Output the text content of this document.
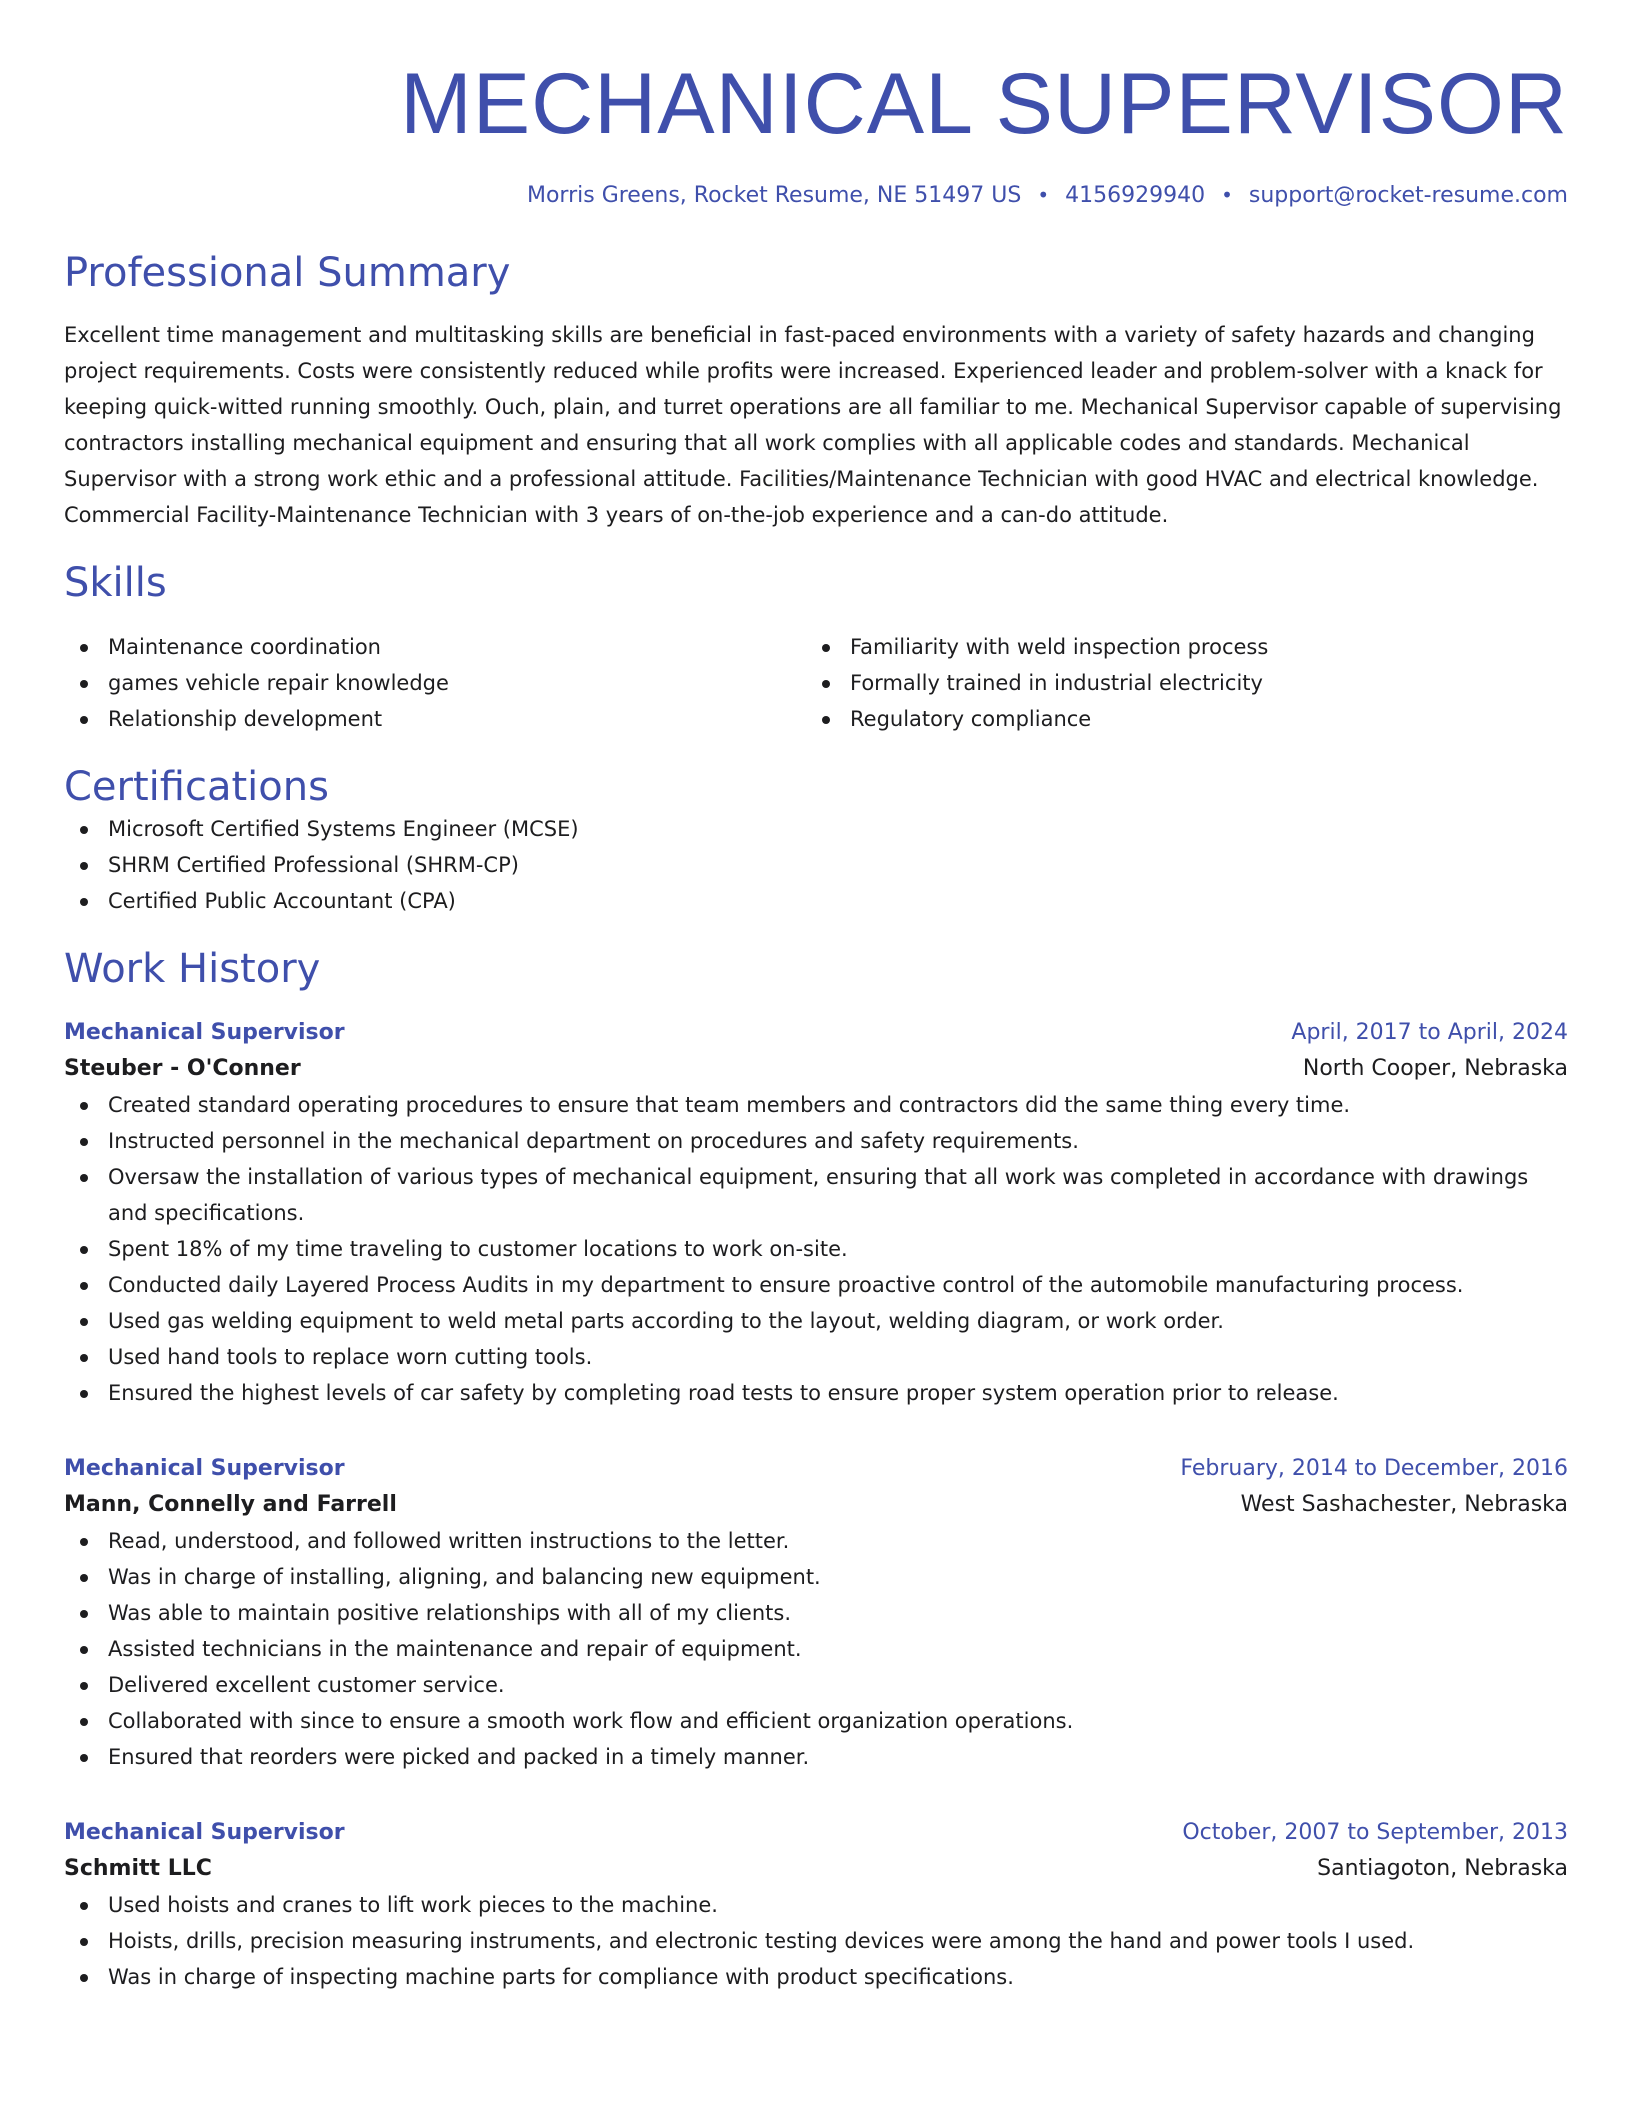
MECHANICAL SUPERVISOR
Morris Greens, Rocket Resume, NE 51497 US • 4156929940 • support@rocket-resume.com
Professional Summary
Excellent time management and multitasking skills are beneficial in fast-paced environments with a variety of safety hazards and changing project requirements. Costs were consistently reduced while profits were increased. Experienced leader and problem-solver with a knack for keeping quick-witted running smoothly. Ouch, plain, and turret operations are all familiar to me. Mechanical Supervisor capable of supervising contractors installing mechanical equipment and ensuring that all work complies with all applicable codes and standards. Mechanical Supervisor with a strong work ethic and a professional attitude. Facilities/Maintenance Technician with good HVAC and electrical knowledge. Commercial Facility-Maintenance Technician with 3 years of on-the-job experience and a can-do attitude.
Skills
Maintenance coordination
games vehicle repair knowledge
Relationship development
Familiarity with weld inspection process
Formally trained in industrial electricity
Regulatory compliance
Certifications
Microsoft Certified Systems Engineer (MCSE)
SHRM Certified Professional (SHRM-CP)
Certified Public Accountant (CPA)
Work History
Mechanical Supervisor	April, 2017 to April, 2024
Steuber - O'Conner	North Cooper, Nebraska
Created standard operating procedures to ensure that team members and contractors did the same thing every time.
Instructed personnel in the mechanical department on procedures and safety requirements.
Oversaw the installation of various types of mechanical equipment, ensuring that all work was completed in accordance with drawings and specifications.
Spent 18% of my time traveling to customer locations to work on-site.
Conducted daily Layered Process Audits in my department to ensure proactive control of the automobile manufacturing process.
Used gas welding equipment to weld metal parts according to the layout, welding diagram, or work order.
Used hand tools to replace worn cutting tools.
Ensured the highest levels of car safety by completing road tests to ensure proper system operation prior to release.
Mechanical Supervisor	February, 2014 to December, 2016
Mann, Connelly and Farrell	West Sashachester, Nebraska
Read, understood, and followed written instructions to the letter.
Was in charge of installing, aligning, and balancing new equipment.
Was able to maintain positive relationships with all of my clients.
Assisted technicians in the maintenance and repair of equipment.
Delivered excellent customer service.
Collaborated with since to ensure a smooth work flow and efficient organization operations.
Ensured that reorders were picked and packed in a timely manner.
Mechanical Supervisor	October, 2007 to September, 2013
Schmitt LLC	Santiagoton, Nebraska
Used hoists and cranes to lift work pieces to the machine.
Hoists, drills, precision measuring instruments, and electronic testing devices were among the hand and power tools I used.
Was in charge of inspecting machine parts for compliance with product specifications.
